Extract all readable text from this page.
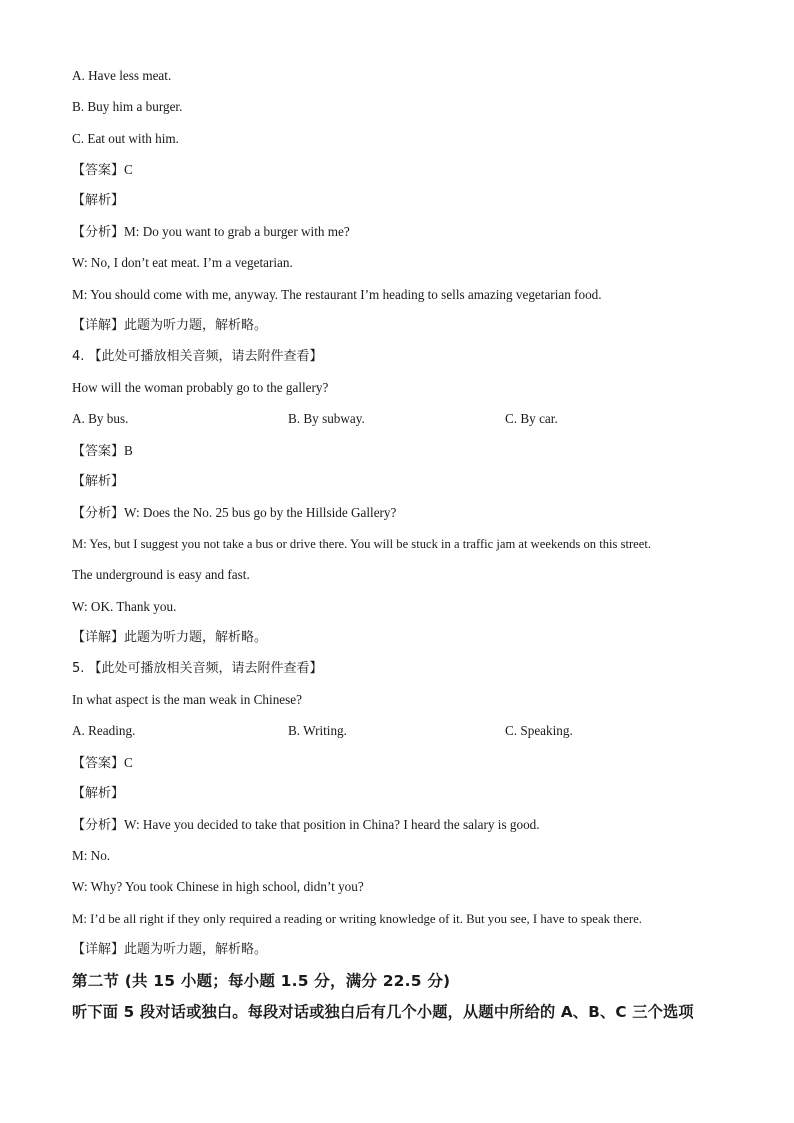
A. Have less meat.
B. Buy him a burger.
C. Eat out with him.
【答案】C
【解析】
【分析】M: Do you want to grab a burger with me?
W: No, I don’t eat meat. I’m a vegetarian.
M: You should come with me, anyway. The restaurant I’m heading to sells amazing vegetarian food.
【详解】此题为听力题，解析略。
4. 【此处可播放相关音频，请去附件查看】
How will the woman probably go to the gallery?
A. By bus.	B. By subway.	C. By car.
【答案】B
【解析】
【分析】W: Does the No. 25 bus go by the Hillside Gallery?
M: Yes, but I suggest you not take a bus or drive there. You will be stuck in a traffic jam at weekends on this street.
The underground is easy and fast.
W: OK. Thank you.
【详解】此题为听力题，解析略。
5. 【此处可播放相关音频，请去附件查看】
In what aspect is the man weak in Chinese?
A. Reading.	B. Writing.	C. Speaking.
【答案】C
【解析】
【分析】W: Have you decided to take that position in China? I heard the salary is good.
M: No.
W: Why? You took Chinese in high school, didn’t you?
M: I’d be all right if they only required a reading or writing knowledge of it. But you see, I have to speak there.
【详解】此题为听力题，解析略。
第二节 (共 15 小题；每小题 1.5 分，满分 22.5 分)
听下面 5 段对话或独白。每段对话或独白后有几个小题，从题中所给的 A、B、C 三个选项
